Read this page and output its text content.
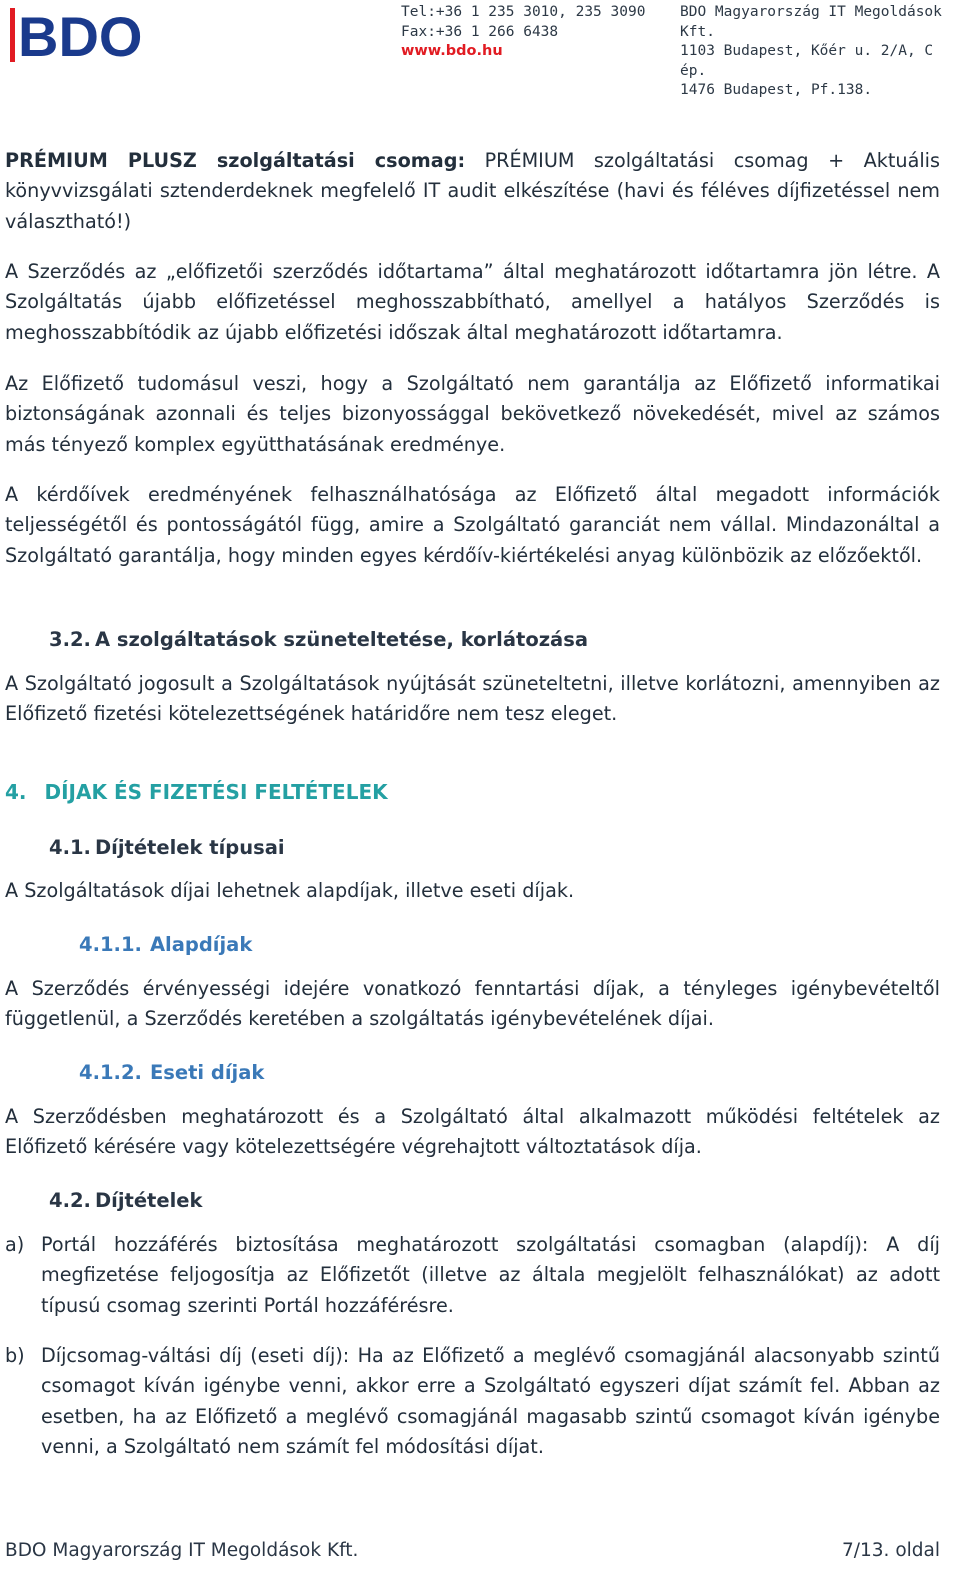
BDO	Tel:+36 1 235 3010, 235 3090
Fax:+36 1 266 6438
www.bdo.hu
BDO Magyarország IT Megoldások Kft.
1103 Budapest, Kőér u. 2/A, C ép.
1476 Budapest, Pf.138.
PRÉMIUM PLUSZ szolgáltatási csomag: PRÉMIUM szolgáltatási csomag + Aktuális könyvvizsgálati sztenderdeknek megfelelő IT audit elkészítése (havi és féléves díjfizetéssel nem választható!)
A Szerződés az „előfizetői szerződés időtartama” által meghatározott időtartamra jön létre. A Szolgáltatás újabb előfizetéssel meghosszabbítható, amellyel a hatályos Szerződés is meghosszabbítódik az újabb előfizetési időszak által meghatározott időtartamra.
Az Előfizető tudomásul veszi, hogy a Szolgáltató nem garantálja az Előfizető informatikai biztonságának azonnali és teljes bizonyossággal bekövetkező növekedését, mivel az számos más tényező komplex együtthatásának eredménye.
A kérdőívek eredményének felhasználhatósága az Előfizető által megadott információk teljességétől és pontosságától függ, amire a Szolgáltató garanciát nem vállal. Mindazonáltal a Szolgáltató garantálja, hogy minden egyes kérdőív-kiértékelési anyag különbözik az előzőektől.
3.2. A szolgáltatások szüneteltetése, korlátozása
A Szolgáltató jogosult a Szolgáltatások nyújtását szüneteltetni, illetve korlátozni, amennyiben az Előfizető fizetési kötelezettségének határidőre nem tesz eleget.
4. DÍJAK ÉS FIZETÉSI FELTÉTELEK
4.1. Díjtételek típusai
A Szolgáltatások díjai lehetnek alapdíjak, illetve eseti díjak.
4.1.1. Alapdíjak
A Szerződés érvényességi idejére vonatkozó fenntartási díjak, a tényleges igénybevételtől függetlenül, a Szerződés keretében a szolgáltatás igénybevételének díjai.
4.1.2. Eseti díjak
A Szerződésben meghatározott és a Szolgáltató által alkalmazott működési feltételek az Előfizető kérésére vagy kötelezettségére végrehajtott változtatások díja.
4.2. Díjtételek
a) Portál hozzáférés biztosítása meghatározott szolgáltatási csomagban (alapdíj): A díj megfizetése feljogosítja az Előfizetőt (illetve az általa megjelölt felhasználókat) az adott típusú csomag szerinti Portál hozzáférésre.
b) Díjcsomag-váltási díj (eseti díj): Ha az Előfizető a meglévő csomagjánál alacsonyabb szintű csomagot kíván igénybe venni, akkor erre a Szolgáltató egyszeri díjat számít fel. Abban az esetben, ha az Előfizető a meglévő csomagjánál magasabb szintű csomagot kíván igénybe venni, a Szolgáltató nem számít fel módosítási díjat.
BDO Magyarország IT Megoldások Kft.	7/13. oldal
